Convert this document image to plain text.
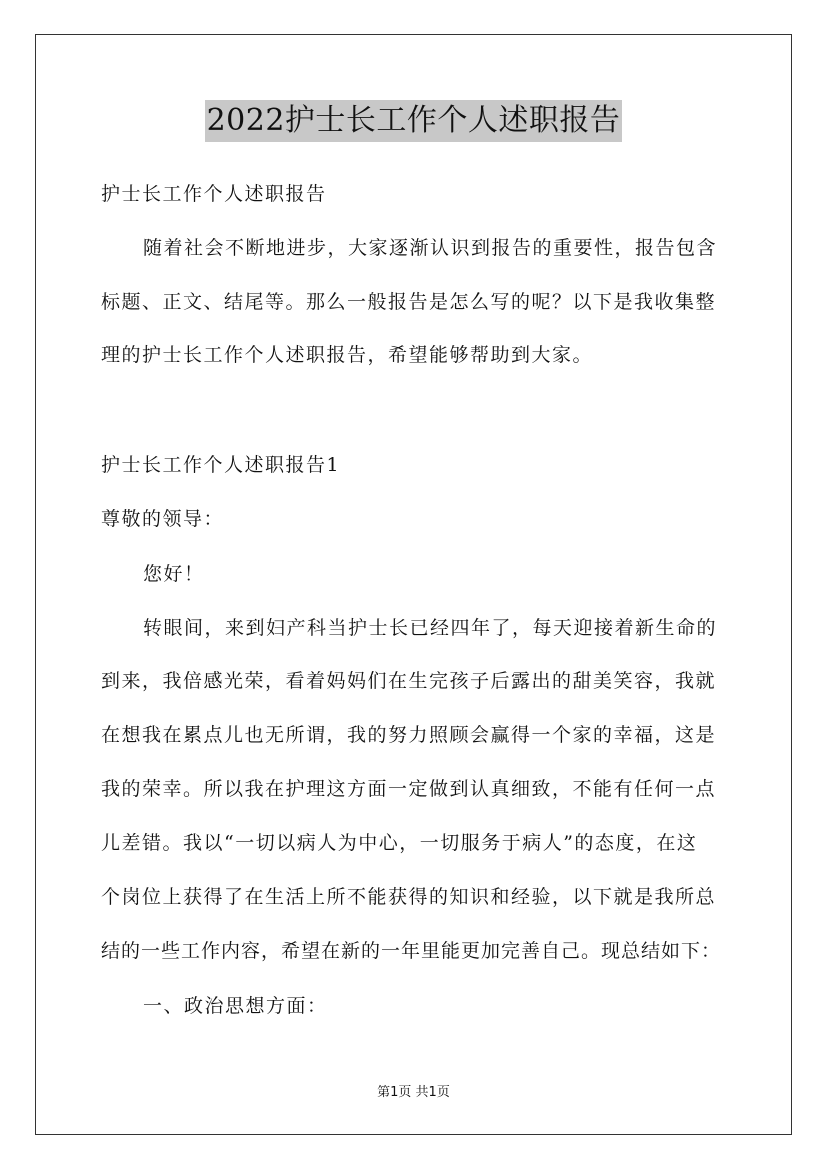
2022护士长工作个人述职报告

护士长工作个人述职报告

随着社会不断地进步，大家逐渐认识到报告的重要性，报告包含

标题、正文、结尾等。那么一般报告是怎么写的呢？以下是我收集整

理的护士长工作个人述职报告，希望能够帮助到大家。

护士长工作个人述职报告1

尊敬的领导：

您好！

转眼间，来到妇产科当护士长已经四年了，每天迎接着新生命的

到来，我倍感光荣，看着妈妈们在生完孩子后露出的甜美笑容，我就

在想我在累点儿也无所谓，我的努力照顾会赢得一个家的幸福，这是

我的荣幸。所以我在护理这方面一定做到认真细致，不能有任何一点

儿差错。我以“一切以病人为中心，一切服务于病人”的态度，在这

个岗位上获得了在生活上所不能获得的知识和经验，以下就是我所总

结的一些工作内容，希望在新的一年里能更加完善自己。现总结如下：

一、政治思想方面：

第1页 共1页
